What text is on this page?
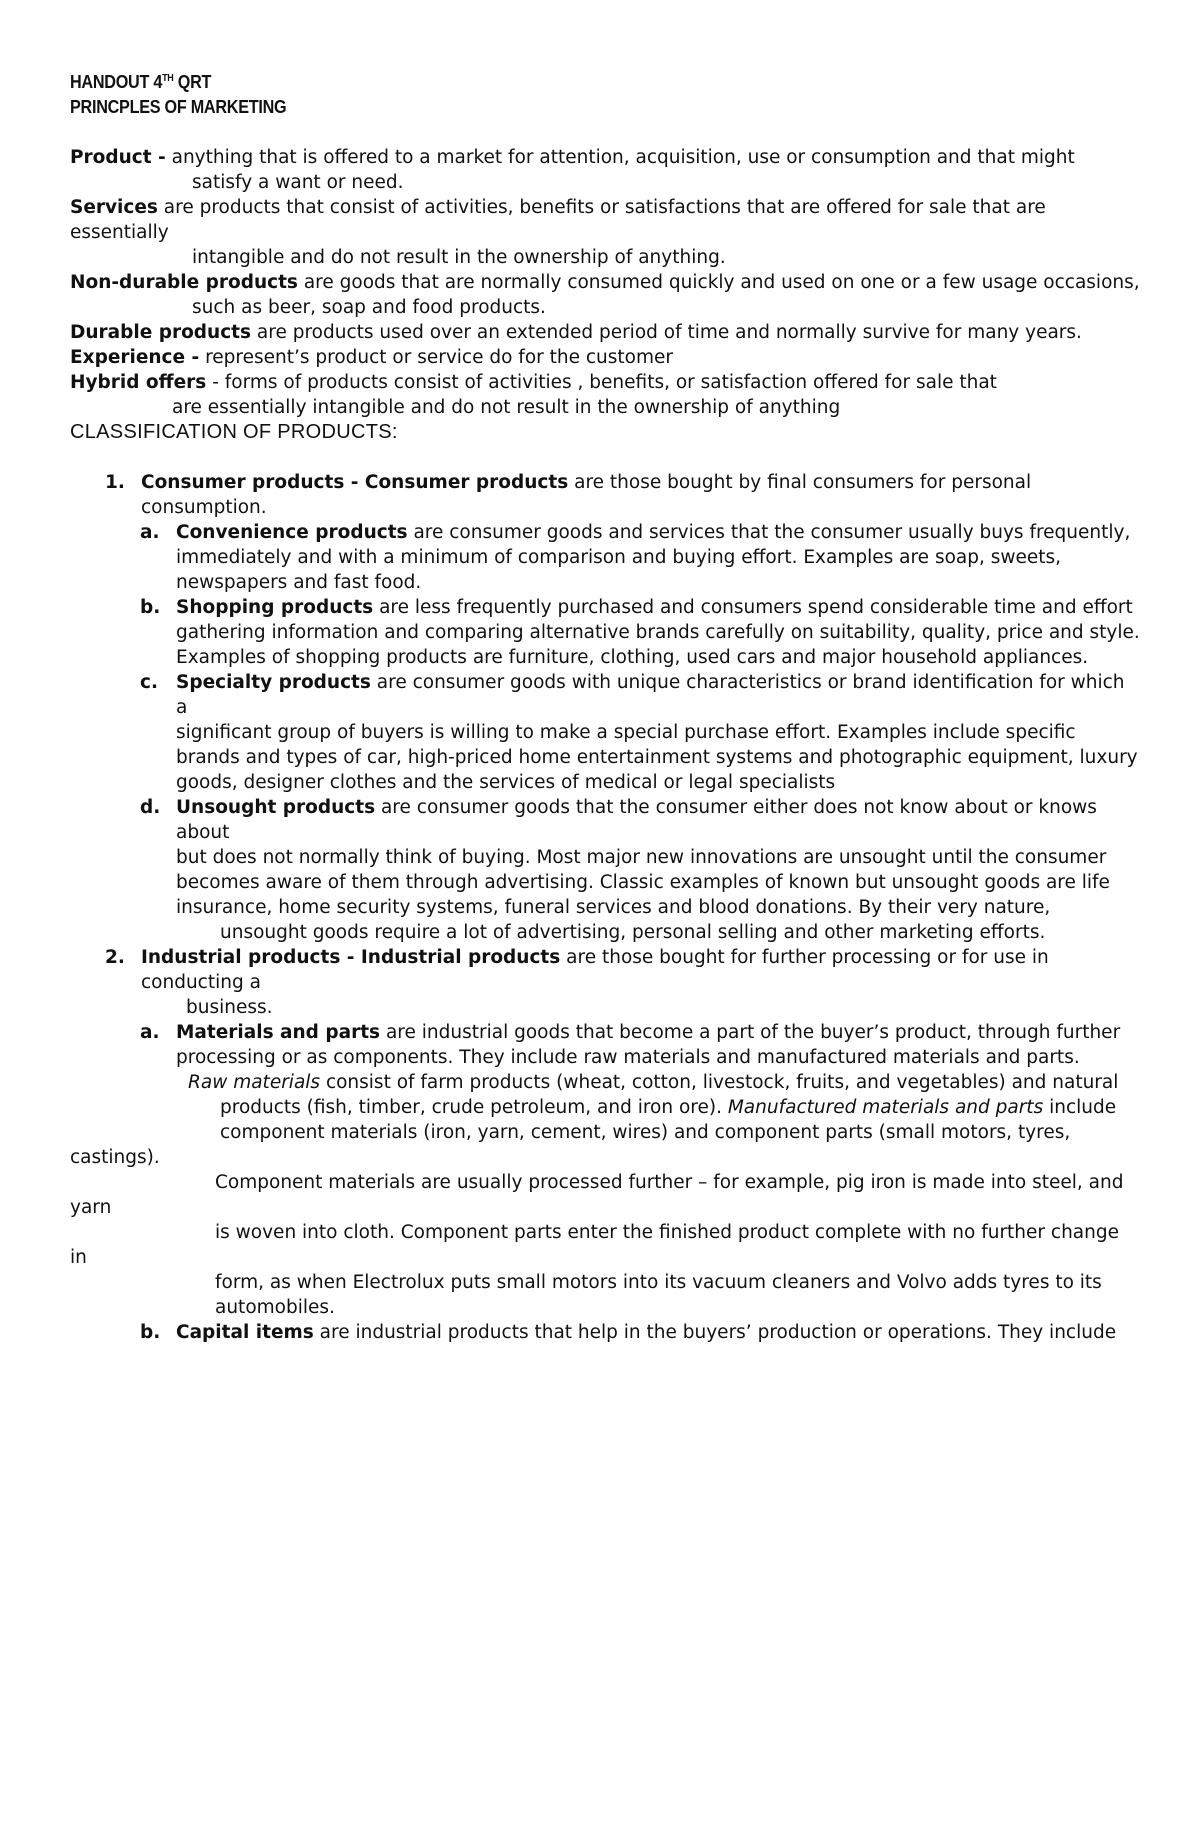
HANDOUT 4TH QRT
PRINCPLES OF MARKETING

Product - anything that is offered to a market for attention, acquisition, use or consumption and that might

satisfy a want or need.

Services are products that consist of activities, benefits or satisfactions that are offered for sale that are essentially

intangible and do not result in the ownership of anything.

Non-durable products are goods that are normally consumed quickly and used on one or a few usage occasions,

such as beer, soap and food products.

Durable products are products used over an extended period of time and normally survive for many years.

Experience - represent’s product or service do for the customer

Hybrid offers - forms of products consist of activities , benefits, or satisfaction offered for sale that

are essentially intangible and do not result in the ownership of anything

CLASSIFICATION OF PRODUCTS:

1. Consumer products - Consumer products are those bought by final consumers for personal consumption.
a. Convenience products are consumer goods and services that the consumer usually buys frequently,

immediately and with a minimum of comparison and buying effort. Examples are soap, sweets, newspapers and fast food.

b. Shopping products are less frequently purchased and consumers spend considerable time and effort

gathering information and comparing alternative brands carefully on suitability, quality, price and style. Examples of shopping products are furniture, clothing, used cars and major household appliances.

c. Specialty products are consumer goods with unique characteristics or brand identification for which a

significant group of buyers is willing to make a special purchase effort. Examples include specific brands and types of car, high-priced home entertainment systems and photographic equipment, luxury goods, designer clothes and the services of medical or legal specialists

d. Unsought products are consumer goods that the consumer either does not know about or knows about

but does not normally think of buying. Most major new innovations are unsought until the consumer becomes aware of them through advertising. Classic examples of known but unsought goods are life insurance, home security systems, funeral services and blood donations. By their very nature,

unsought goods require a lot of advertising, personal selling and other marketing efforts.

2. Industrial products - Industrial products are those bought for further processing or for use in conducting a

business.

a. Materials and parts are industrial goods that become a part of the buyer’s product, through further

processing or as components. They include raw materials and manufactured materials and parts.

Raw materials consist of farm products (wheat, cotton, livestock, fruits, and vegetables) and natural

products (fish, timber, crude petroleum, and iron ore). Manufactured materials and parts include

component materials (iron, yarn, cement, wires) and component parts (small motors, tyres, castings).

Component materials are usually processed further – for example, pig iron is made into steel, and yarn

is woven into cloth. Component parts enter the finished product complete with no further change in

form, as when Electrolux puts small motors into its vacuum cleaners and Volvo adds tyres to its

automobiles.

b. Capital items are industrial products that help in the buyers’ production or operations. They include
